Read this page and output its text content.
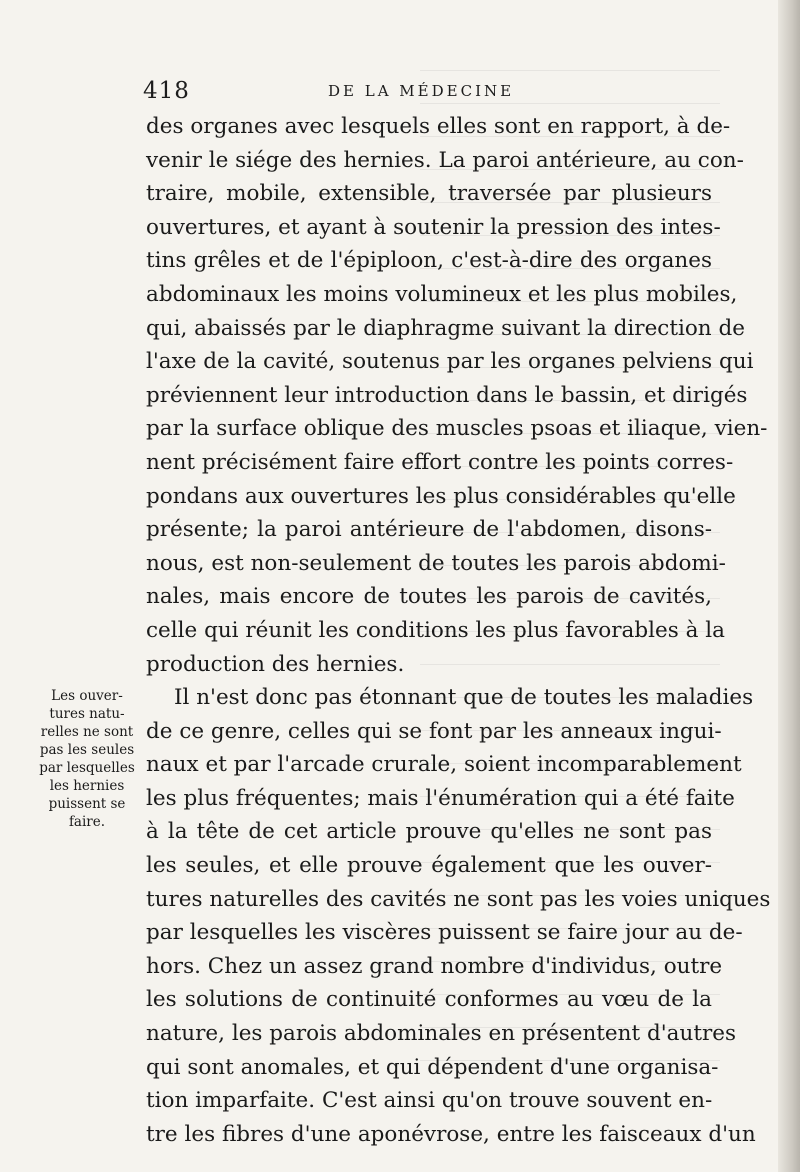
418	DE LA MÉDECINE
des organes avec lesquels elles sont en rapport, à de-
venir le siége des hernies. La paroi antérieure, au con-
traire, mobile, extensible, traversée par plusieurs
ouvertures, et ayant à soutenir la pression des intes-
tins grêles et de l'épiploon, c'est-à-dire des organes
abdominaux les moins volumineux et les plus mobiles,
qui, abaissés par le diaphragme suivant la direction de
l'axe de la cavité, soutenus par les organes pelviens qui
préviennent leur introduction dans le bassin, et dirigés
par la surface oblique des muscles psoas et iliaque, vien-
nent précisément faire effort contre les points corres-
pondans aux ouvertures les plus considérables qu'elle
présente; la paroi antérieure de l'abdomen, disons-
nous, est non-seulement de toutes les parois abdomi-
nales, mais encore de toutes les parois de cavités,
celle qui réunit les conditions les plus favorables à la
production des hernies.
Il n'est donc pas étonnant que de toutes les maladies
de ce genre, celles qui se font par les anneaux ingui-
naux et par l'arcade crurale, soient incomparablement
les plus fréquentes; mais l'énumération qui a été faite
à la tête de cet article prouve qu'elles ne sont pas
les seules, et elle prouve également que les ouver-
tures naturelles des cavités ne sont pas les voies uniques
par lesquelles les viscères puissent se faire jour au de-
hors. Chez un assez grand nombre d'individus, outre
les solutions de continuité conformes au vœu de la
nature, les parois abdominales en présentent d'autres
qui sont anomales, et qui dépendent d'une organisa-
tion imparfaite. C'est ainsi qu'on trouve souvent en-
tre les fibres d'une aponévrose, entre les faisceaux d'un
Les ouver-
tures natu-
relles ne sont
pas les seules
par lesquelles
les hernies
puissent se
faire.
